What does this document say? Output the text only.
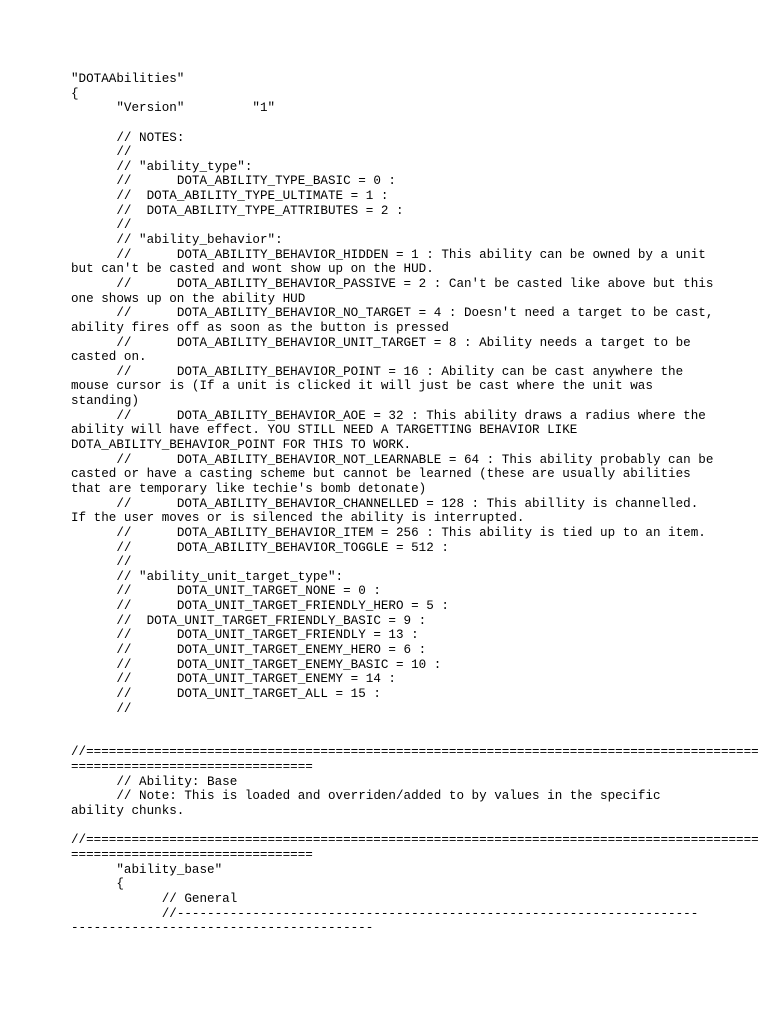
"DOTAAbilities"
{
	"Version"		"1"
	// NOTES:
	//
	// "ability_type":
	//	DOTA_ABILITY_TYPE_BASIC = 0 :
	//  DOTA_ABILITY_TYPE_ULTIMATE = 1 :
	//  DOTA_ABILITY_TYPE_ATTRIBUTES = 2 :
	//
	// "ability_behavior":
	//	DOTA_ABILITY_BEHAVIOR_HIDDEN = 1 : This ability can be owned by a unit
but can't be casted and wont show up on the HUD.
	//	DOTA_ABILITY_BEHAVIOR_PASSIVE = 2 : Can't be casted like above but this
one shows up on the ability HUD
	//	DOTA_ABILITY_BEHAVIOR_NO_TARGET = 4 : Doesn't need a target to be cast,
ability fires off as soon as the button is pressed
	//	DOTA_ABILITY_BEHAVIOR_UNIT_TARGET = 8 : Ability needs a target to be
casted on.
	//	DOTA_ABILITY_BEHAVIOR_POINT = 16 : Ability can be cast anywhere the
mouse cursor is (If a unit is clicked it will just be cast where the unit was
standing)
	//	DOTA_ABILITY_BEHAVIOR_AOE = 32 : This ability draws a radius where the
ability will have effect. YOU STILL NEED A TARGETTING BEHAVIOR LIKE
DOTA_ABILITY_BEHAVIOR_POINT FOR THIS TO WORK.
	//	DOTA_ABILITY_BEHAVIOR_NOT_LEARNABLE = 64 : This ability probably can be
casted or have a casting scheme but cannot be learned (these are usually abilities
that are temporary like techie's bomb detonate)
	//	DOTA_ABILITY_BEHAVIOR_CHANNELLED = 128 : This abillity is channelled.
If the user moves or is silenced the ability is interrupted.
	//	DOTA_ABILITY_BEHAVIOR_ITEM = 256 : This ability is tied up to an item.
	//	DOTA_ABILITY_BEHAVIOR_TOGGLE = 512 :
	//
	// "ability_unit_target_type":
	//	DOTA_UNIT_TARGET_NONE = 0 :
	//	DOTA_UNIT_TARGET_FRIENDLY_HERO = 5 :
	//  DOTA_UNIT_TARGET_FRIENDLY_BASIC = 9 :
	//	DOTA_UNIT_TARGET_FRIENDLY = 13 :
	//	DOTA_UNIT_TARGET_ENEMY_HERO = 6 :
	//	DOTA_UNIT_TARGET_ENEMY_BASIC = 10 :
	//	DOTA_UNIT_TARGET_ENEMY = 14 :
	//	DOTA_UNIT_TARGET_ALL = 15 :
	//
//=========================================================================================
================================
	// Ability: Base
	// Note: This is loaded and overriden/added to by values in the specific
ability chunks.
//=========================================================================================
================================
	"ability_base"
	{
		// General
		//---------------------------------------------------------------------
----------------------------------------
